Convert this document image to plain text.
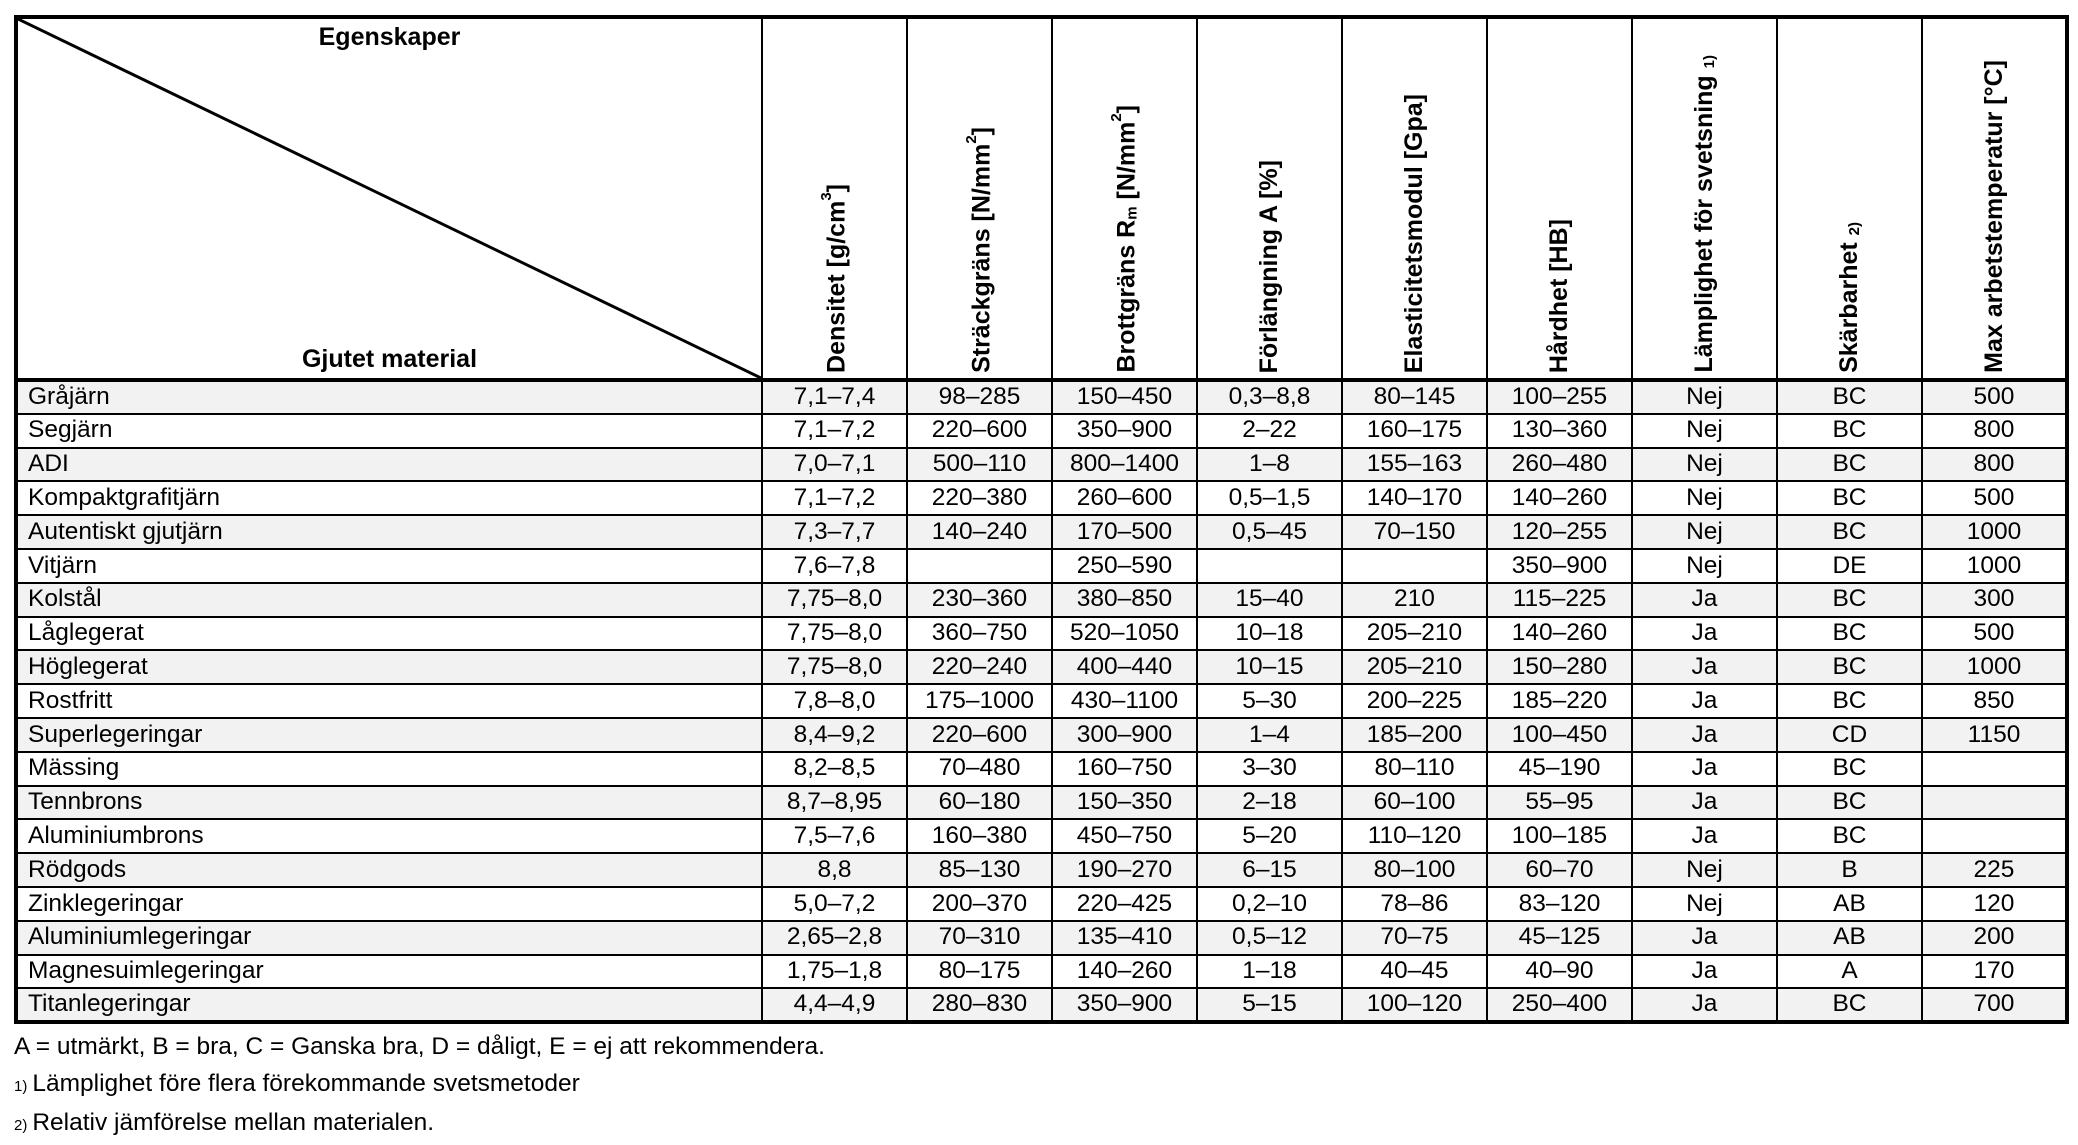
Egenskaper
Gjutet material	Densitet $[g/cm^3]$	Sträckgräns $[N/mm^2]$	Brottgräns $R_m$ $[N/mm^2]$	Förlängning A [%]	Elasticitetsmodul [Gpa]	Hårdhet [HB]	Lämplighet för svetsning $_{1)}$	Skärbarhet $_{2)}$	Max arbetstemperatur [°C]
Gråjärn	7,1–7,4	98–285	150–450	0,3–8,8	80–145	100–255	Nej	BC	500
Segjärn	7,1–7,2	220–600	350–900	2–22	160–175	130–360	Nej	BC	800
ADI	7,0–7,1	500–110	800–1400	1–8	155–163	260–480	Nej	BC	800
Kompaktgrafitjärn	7,1–7,2	220–380	260–600	0,5–1,5	140–170	140–260	Nej	BC	500
Autentiskt gjutjärn	7,3–7,7	140–240	170–500	0,5–45	70–150	120–255	Nej	BC	1000
Vitjärn	7,6–7,8		250–590			350–900	Nej	DE	1000
Kolstål	7,75–8,0	230–360	380–850	15–40	210	115–225	Ja	BC	300
Låglegerat	7,75–8,0	360–750	520–1050	10–18	205–210	140–260	Ja	BC	500
Höglegerat	7,75–8,0	220–240	400–440	10–15	205–210	150–280	Ja	BC	1000
Rostfritt	7,8–8,0	175–1000	430–1100	5–30	200–225	185–220	Ja	BC	850
Superlegeringar	8,4–9,2	220–600	300–900	1–4	185–200	100–450	Ja	CD	1150
Mässing	8,2–8,5	70–480	160–750	3–30	80–110	45–190	Ja	BC	
Tennbrons	8,7–8,95	60–180	150–350	2–18	60–100	55–95	Ja	BC	
Aluminiumbrons	7,5–7,6	160–380	450–750	5–20	110–120	100–185	Ja	BC	
Rödgods	8,8	85–130	190–270	6–15	80–100	60–70	Nej	B	225
Zinklegeringar	5,0–7,2	200–370	220–425	0,2–10	78–86	83–120	Nej	AB	120
Aluminiumlegeringar	2,65–2,8	70–310	135–410	0,5–12	70–75	45–125	Ja	AB	200
Magnesuimlegeringar	1,75–1,8	80–175	140–260	1–18	40–45	40–90	Ja	A	170
Titanlegeringar	4,4–4,9	280–830	350–900	5–15	100–120	250–400	Ja	BC	700
A = utmärkt, B = bra, C = Ganska bra, D = dåligt, E = ej att rekommendera.
1) Lämplighet före flera förekommande svetsmetoder
2) Relativ jämförelse mellan materialen.
